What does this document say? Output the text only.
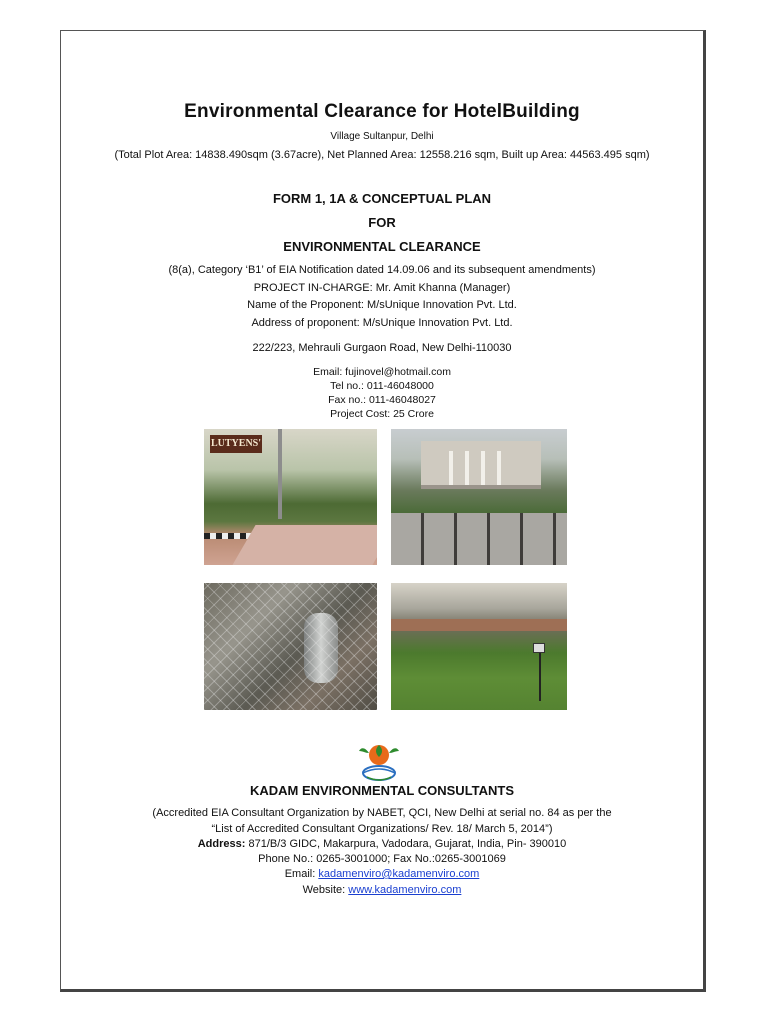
Environmental Clearance for HotelBuilding
Village Sultanpur, Delhi
(Total Plot Area: 14838.490sqm (3.67acre), Net Planned Area: 12558.216 sqm, Built up Area: 44563.495 sqm)
FORM 1, 1A & CONCEPTUAL PLAN
FOR
ENVIRONMENTAL CLEARANCE
(8(a), Category ‘B1’ of EIA Notification dated 14.09.06 and its subsequent amendments)
PROJECT IN-CHARGE: Mr. Amit Khanna (Manager)
Name of the Proponent: M/sUnique Innovation Pvt. Ltd.
Address of proponent: M/sUnique Innovation Pvt. Ltd.
222/223, Mehrauli Gurgaon Road, New Delhi-110030
Email: fujinovel@hotmail.com
Tel no.: 011-46048000
Fax no.: 011-46048027
Project Cost: 25 Crore
LUTYENS'
KADAM ENVIRONMENTAL CONSULTANTS
(Accredited EIA Consultant Organization by NABET, QCI, New Delhi at serial no. 84 as per the
“List of Accredited Consultant Organizations/ Rev. 18/ March 5, 2014”)
Address: 871/B/3 GIDC, Makarpura, Vadodara, Gujarat, India, Pin- 390010
Phone No.: 0265-3001000; Fax No.:0265-3001069
Email: kadamenviro@kadamenviro.com
Website: www.kadamenviro.com
